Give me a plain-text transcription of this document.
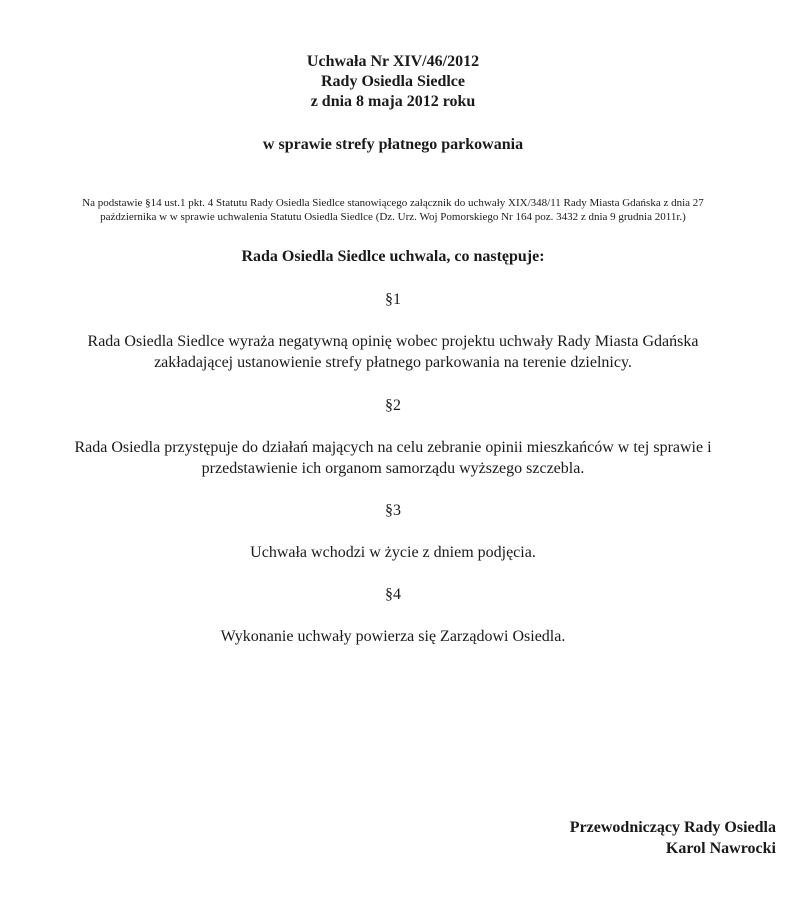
Uchwała Nr XIV/46/2012
Rady Osiedla Siedlce
z dnia 8 maja 2012 roku
w sprawie strefy płatnego parkowania
Na podstawie §14 ust.1 pkt. 4 Statutu Rady Osiedla Siedlce stanowiącego załącznik do uchwały XIX/348/11 Rady Miasta Gdańska z dnia 27
października w w sprawie uchwalenia Statutu Osiedla Siedlce (Dz. Urz. Woj Pomorskiego Nr 164 poz. 3432 z dnia 9 grudnia 2011r.)
Rada Osiedla Siedlce uchwala, co następuje:
§1
Rada Osiedla Siedlce wyraża negatywną opinię wobec projektu uchwały Rady Miasta Gdańska
zakładającej ustanowienie strefy płatnego parkowania na terenie dzielnicy.
§2
Rada Osiedla przystępuje do działań mających na celu zebranie opinii mieszkańców w tej sprawie i
przedstawienie ich organom samorządu wyższego szczebla.
§3
Uchwała wchodzi w życie z dniem podjęcia.
§4
Wykonanie uchwały powierza się Zarządowi Osiedla.
Przewodniczący Rady Osiedla
Karol Nawrocki
